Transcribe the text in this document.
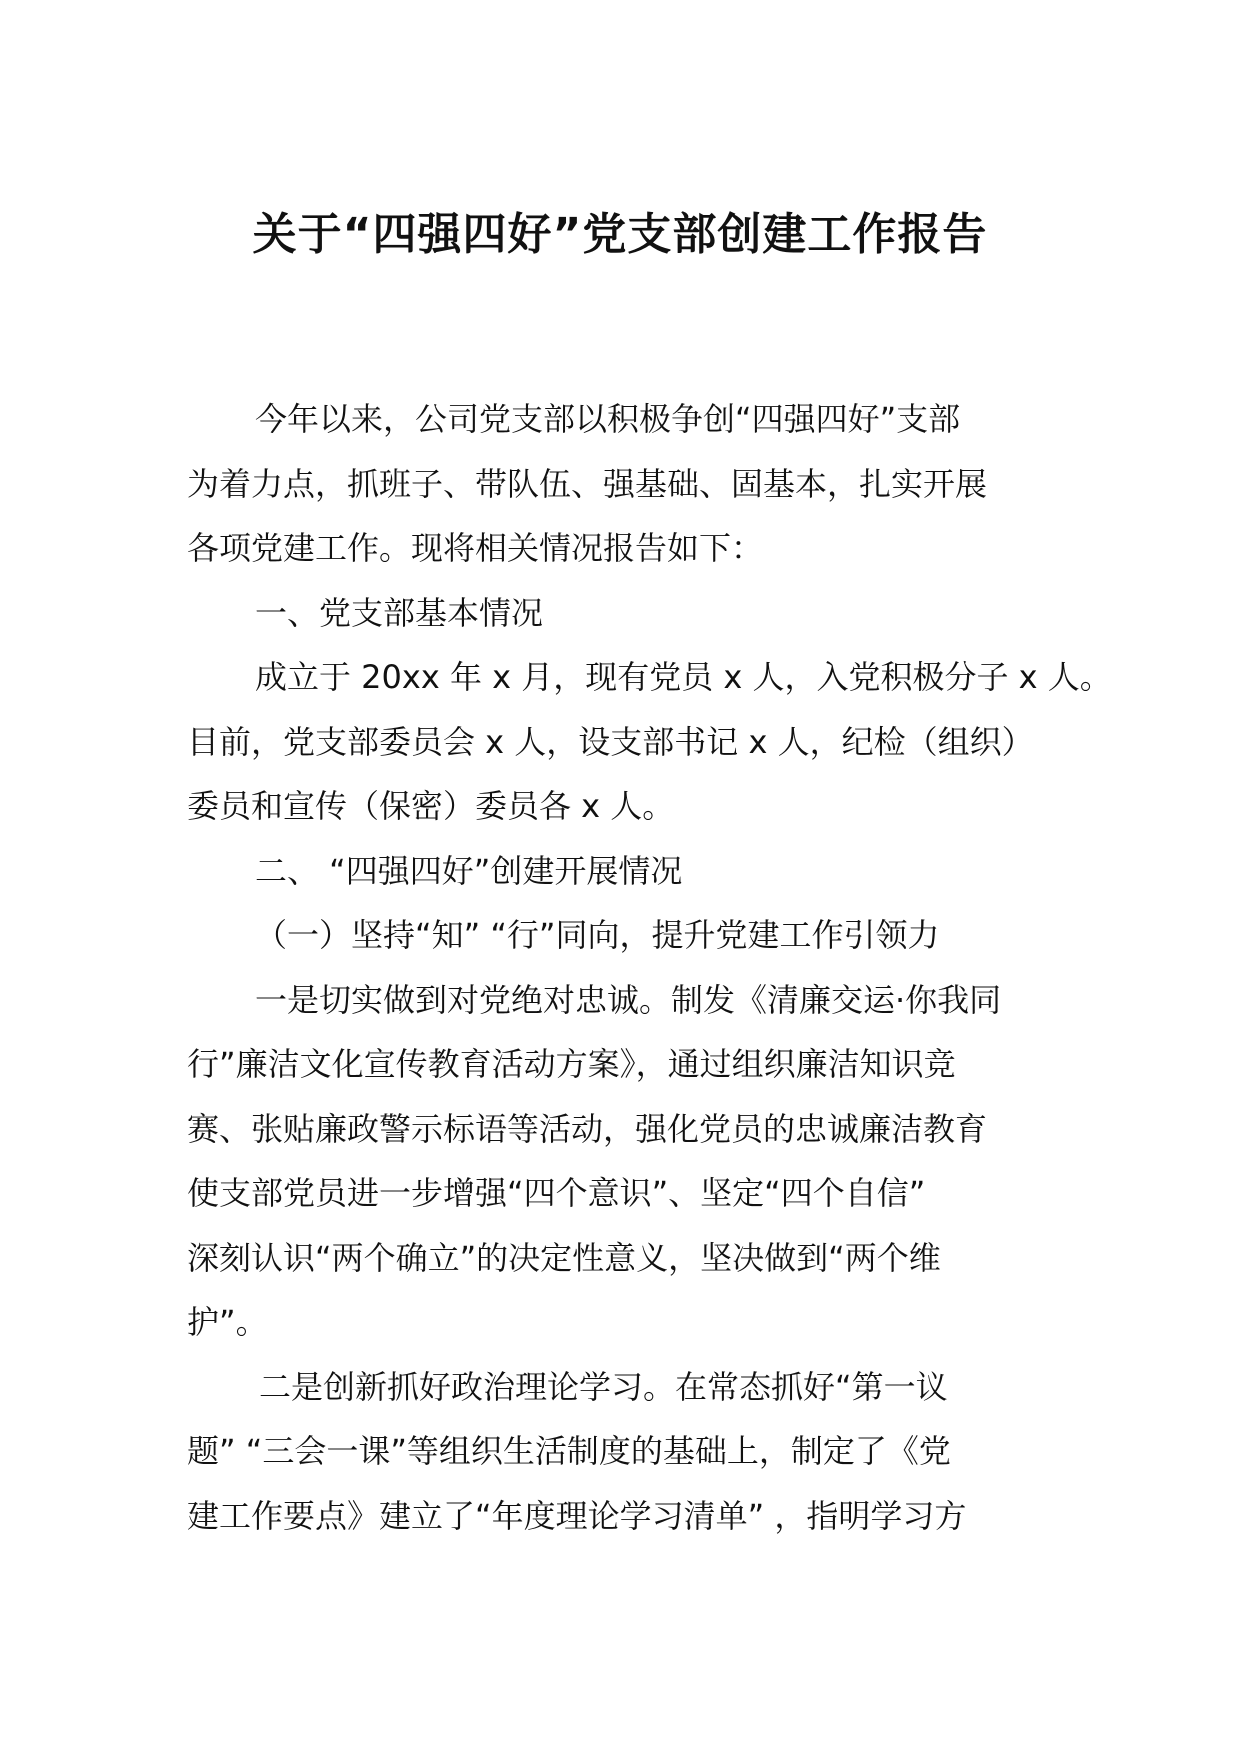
关于“四强四好”党支部创建工作报告
今年以来，公司党支部以积极争创“四强四好”支部
为着力点，抓班子、带队伍、强基础、固基本，扎实开展
各项党建工作。现将相关情况报告如下：
一、党支部基本情况
成立于 20xx 年 x 月，现有党员 x 人，入党积极分子 x 人。
目前，党支部委员会 x 人，设支部书记 x 人，纪检（组织）
委员和宣传（保密）委员各 x 人。
二、 “四强四好”创建开展情况
（一）坚持“知” “行”同向，提升党建工作引领力
一是切实做到对党绝对忠诚。制发《清廉交运·你我同
行”廉洁文化宣传教育活动方案》，通过组织廉洁知识竞
赛、张贴廉政警示标语等活动，强化党员的忠诚廉洁教育
使支部党员进一步增强“四个意识”、坚定“四个自信”
深刻认识“两个确立”的决定性意义，坚决做到“两个维
护”。
二是创新抓好政治理论学习。在常态抓好“第一议
题” “三会一课”等组织生活制度的基础上，制定了《党
建工作要点》建立了“年度理论学习清单” ，指明学习方
